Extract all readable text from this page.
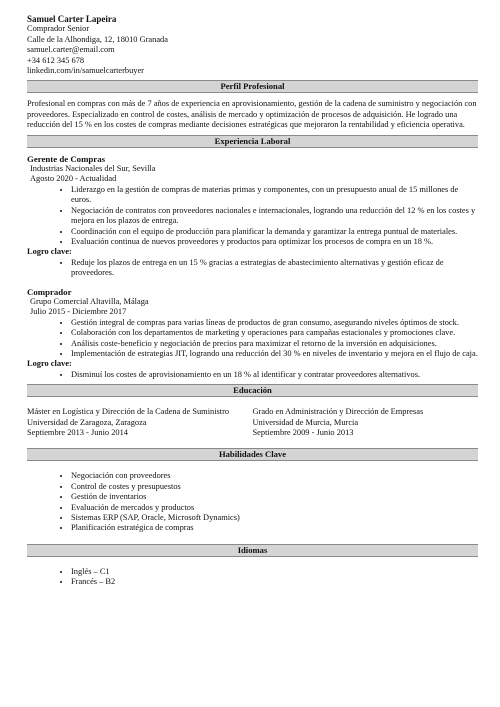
Samuel Carter Lapeira
Comprador Senior
Calle de la Alhondiga, 12, 18010 Granada
samuel.carter@email.com
+34 612 345 678
linkedin.com/in/samuelcarterbuyer
Perfil Profesional

Profesional en compras con más de 7 años de experiencia en aprovisionamiento, gestión de la cadena de suministro y negociación con proveedores. Especializado en control de costes, análisis de mercado y optimización de procesos de adquisición. He logrado una reducción del 15 % en los costes de compras mediante decisiones estratégicas que mejoraron la rentabilidad y eficiencia operativa.

Experiencia Laboral
Gerente de Compras
Industrias Nacionales del Sur, Sevilla
Agosto 2020 - Actualidad
• Liderazgo en la gestión de compras de materias primas y componentes, con un presupuesto anual de 15 millones de euros.
• Negociación de contratos con proveedores nacionales e internacionales, logrando una reducción del 12 % en los costes y mejora en los plazos de entrega.
• Coordinación con el equipo de producción para planificar la demanda y garantizar la entrega puntual de materiales.
• Evaluación continua de nuevos proveedores y productos para optimizar los procesos de compra en un 18 %.
Logro clave:
• Reduje los plazos de entrega en un 15 % gracias a estrategias de abastecimiento alternativas y gestión eficaz de proveedores.
Comprador
Grupo Comercial Altavilla, Málaga
Julio 2015 - Diciembre 2017
• Gestión integral de compras para varias líneas de productos de gran consumo, asegurando niveles óptimos de stock.
• Colaboración con los departamentos de marketing y operaciones para campañas estacionales y promociones clave.
• Análisis coste-beneficio y negociación de precios para maximizar el retorno de la inversión en adquisiciones.
• Implementación de estrategias JIT, logrando una reducción del 30 % en niveles de inventario y mejora en el flujo de caja.
Logro clave:
• Disminuí los costes de aprovisionamiento en un 18 % al identificar y contratar proveedores alternativos.
Educación
Máster en Logística y Dirección de la Cadena de Suministro
Universidad de Zaragoza, Zaragoza
Septiembre 2013 - Junio 2014
Grado en Administración y Dirección de Empresas
Universidad de Murcia, Murcia
Septiembre 2009 - Junio 2013
Habilidades Clave
• Negociación con proveedores
• Control de costes y presupuestos
• Gestión de inventarios
• Evaluación de mercados y productos
• Sistemas ERP (SAP, Oracle, Microsoft Dynamics)
• Planificación estratégica de compras
Idiomas
• Inglés – C1
• Francés – B2
